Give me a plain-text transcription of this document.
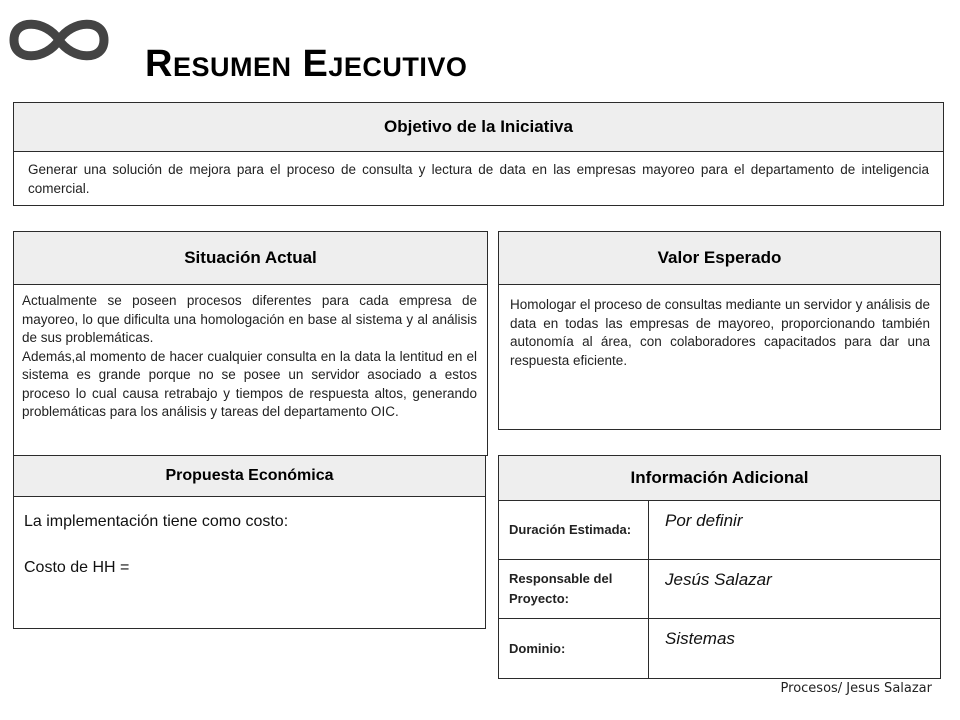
Resumen Ejecutivo
Objetivo de la Iniciativa
Generar una solución de mejora para el proceso de consulta y lectura de data en las empresas mayoreo para el departamento de inteligencia comercial.
Situación Actual
Actualmente se poseen procesos diferentes para cada empresa de mayoreo, lo que dificulta una homologación en base al sistema y al análisis de sus problemáticas.
Además,al momento de hacer cualquier consulta en la data la lentitud en el sistema es grande porque no se posee un servidor asociado a estos proceso lo cual causa retrabajo y tiempos de respuesta altos, generando problemáticas para los análisis y tareas del departamento OIC.
Valor Esperado
Homologar el proceso de consultas mediante un servidor y análisis de data en todas las empresas de mayoreo, proporcionando también autonomía al área, con colaboradores capacitados para dar una respuesta eficiente.
Propuesta Económica
La implementación tiene como costo:
Costo de HH =
Información Adicional
Duración Estimada:	Por definir
Responsable del Proyecto:
Jesús Salazar
Dominio:	Sistemas
Procesos/ Jesus Salazar
